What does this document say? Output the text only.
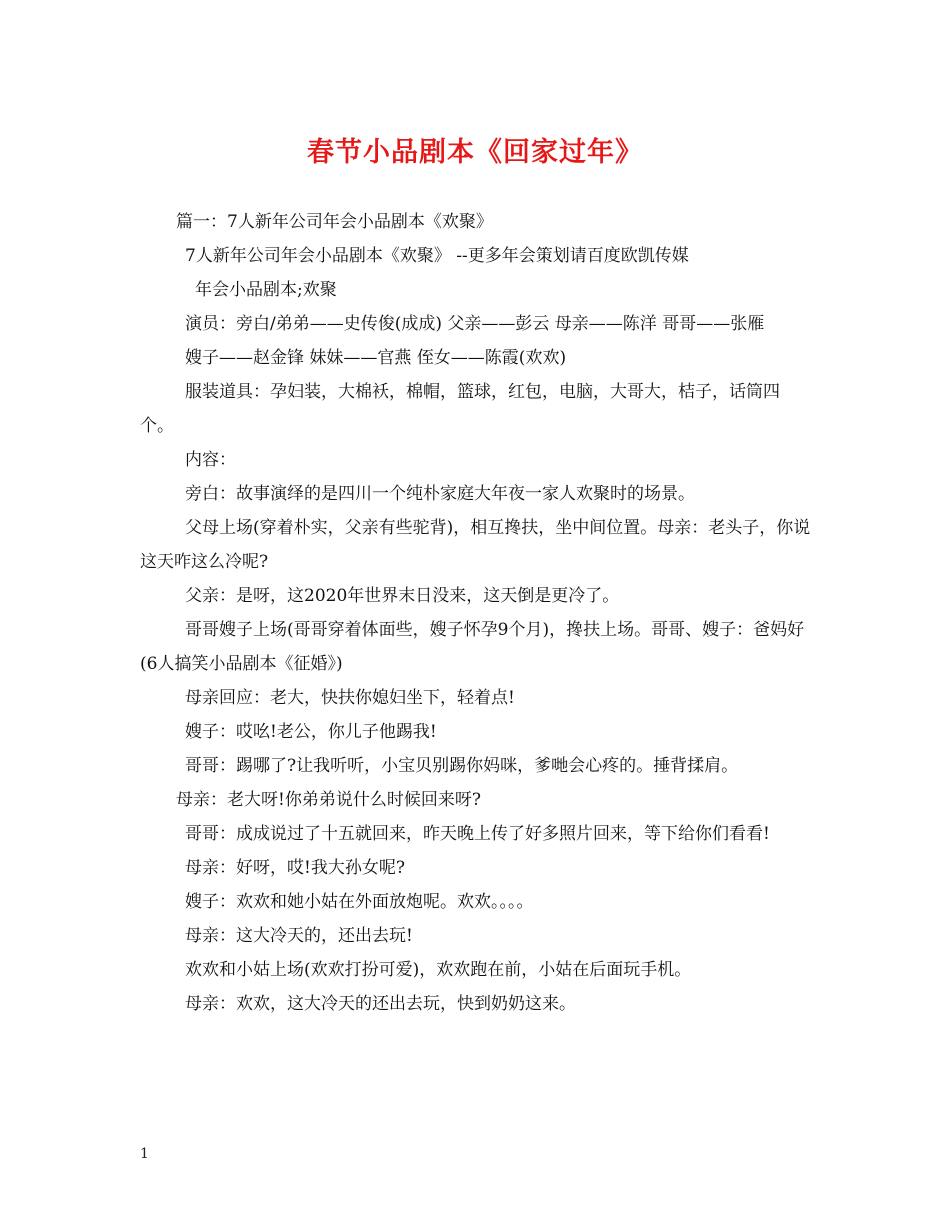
春节小品剧本《回家过年》

篇一：7人新年公司年会小品剧本《欢聚》

7人新年公司年会小品剧本《欢聚》 --更多年会策划请百度欧凯传媒

年会小品剧本;欢聚

演员：旁白/弟弟——史传俊(成成) 父亲——彭云 母亲——陈洋 哥哥——张雁

嫂子——赵金锋 妹妹——官燕 侄女——陈霞(欢欢)

服装道具：孕妇装，大棉袄，棉帽，篮球，红包，电脑，大哥大，桔子，话筒四个。

内容：

旁白：故事演绎的是四川一个纯朴家庭大年夜一家人欢聚时的场景。

父母上场(穿着朴实，父亲有些驼背)，相互搀扶，坐中间位置。母亲：老头子，你说这天咋这么冷呢?

父亲：是呀，这2020年世界末日没来，这天倒是更冷了。

哥哥嫂子上场(哥哥穿着体面些，嫂子怀孕9个月)，搀扶上场。哥哥、嫂子：爸妈好(6人搞笑小品剧本《征婚》)

母亲回应：老大，快扶你媳妇坐下，轻着点!

嫂子：哎吆!老公，你儿子他踢我!

哥哥：踢哪了?让我听听，小宝贝别踢你妈咪，爹哋会心疼的。捶背揉肩。

母亲：老大呀!你弟弟说什么时候回来呀?

哥哥：成成说过了十五就回来，昨天晚上传了好多照片回来，等下给你们看看!

母亲：好呀，哎!我大孙女呢?

嫂子：欢欢和她小姑在外面放炮呢。欢欢。。。。

母亲：这大冷天的，还出去玩!

欢欢和小姑上场(欢欢打扮可爱)，欢欢跑在前，小姑在后面玩手机。

母亲：欢欢，这大冷天的还出去玩，快到奶奶这来。

1
